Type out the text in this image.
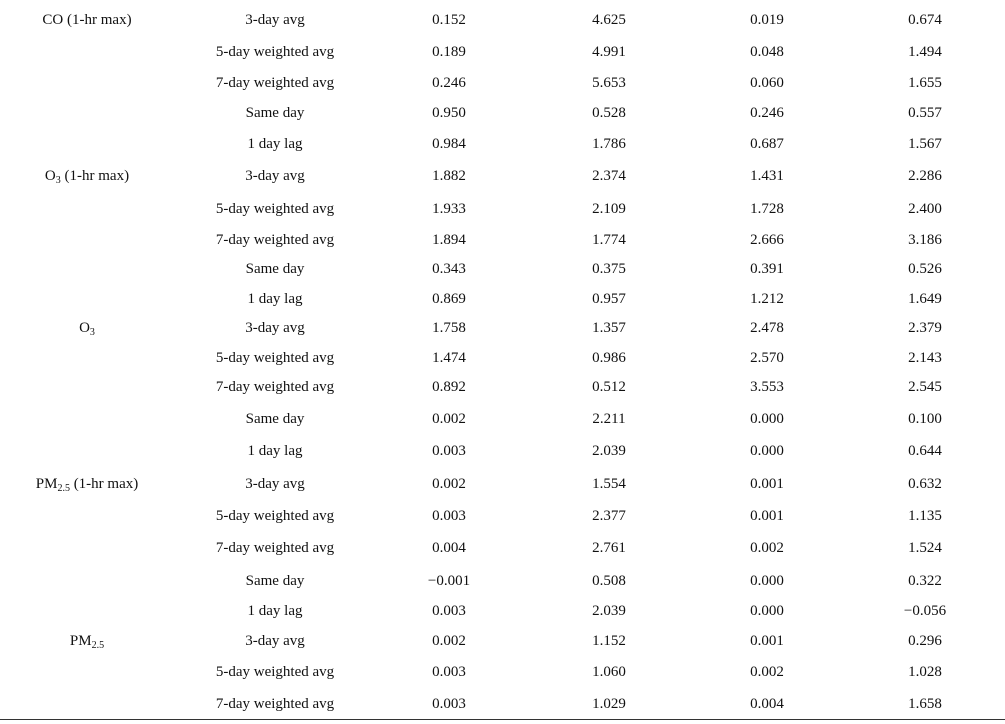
CO (1-hr max)	3-day avg	0.152	4.625	0.019	0.674
5-day weighted avg	0.189	4.991	0.048	1.494
7-day weighted avg	0.246	5.653	0.060	1.655
Same day	0.950	0.528	0.246	0.557
1 day lag	0.984	1.786	0.687	1.567
$O_3$ (1-hr max)	3-day avg	1.882	2.374	1.431	2.286
5-day weighted avg	1.933	2.109	1.728	2.400
7-day weighted avg	1.894	1.774	2.666	3.186
Same day	0.343	0.375	0.391	0.526
1 day lag	0.869	0.957	1.212	1.649
$O_3$	3-day avg	1.758	1.357	2.478	2.379
5-day weighted avg	1.474	0.986	2.570	2.143
7-day weighted avg	0.892	0.512	3.553	2.545
Same day	0.002	2.211	0.000	0.100
1 day lag	0.003	2.039	0.000	0.644
$PM_{2.5}$ (1-hr max)	3-day avg	0.002	1.554	0.001	0.632
5-day weighted avg	0.003	2.377	0.001	1.135
7-day weighted avg	0.004	2.761	0.002	1.524
Same day	−0.001	0.508	0.000	0.322
1 day lag	0.003	2.039	0.000	−0.056
$PM_{2.5}$	3-day avg	0.002	1.152	0.001	0.296
5-day weighted avg	0.003	1.060	0.002	1.028
7-day weighted avg	0.003	1.029	0.004	1.658
